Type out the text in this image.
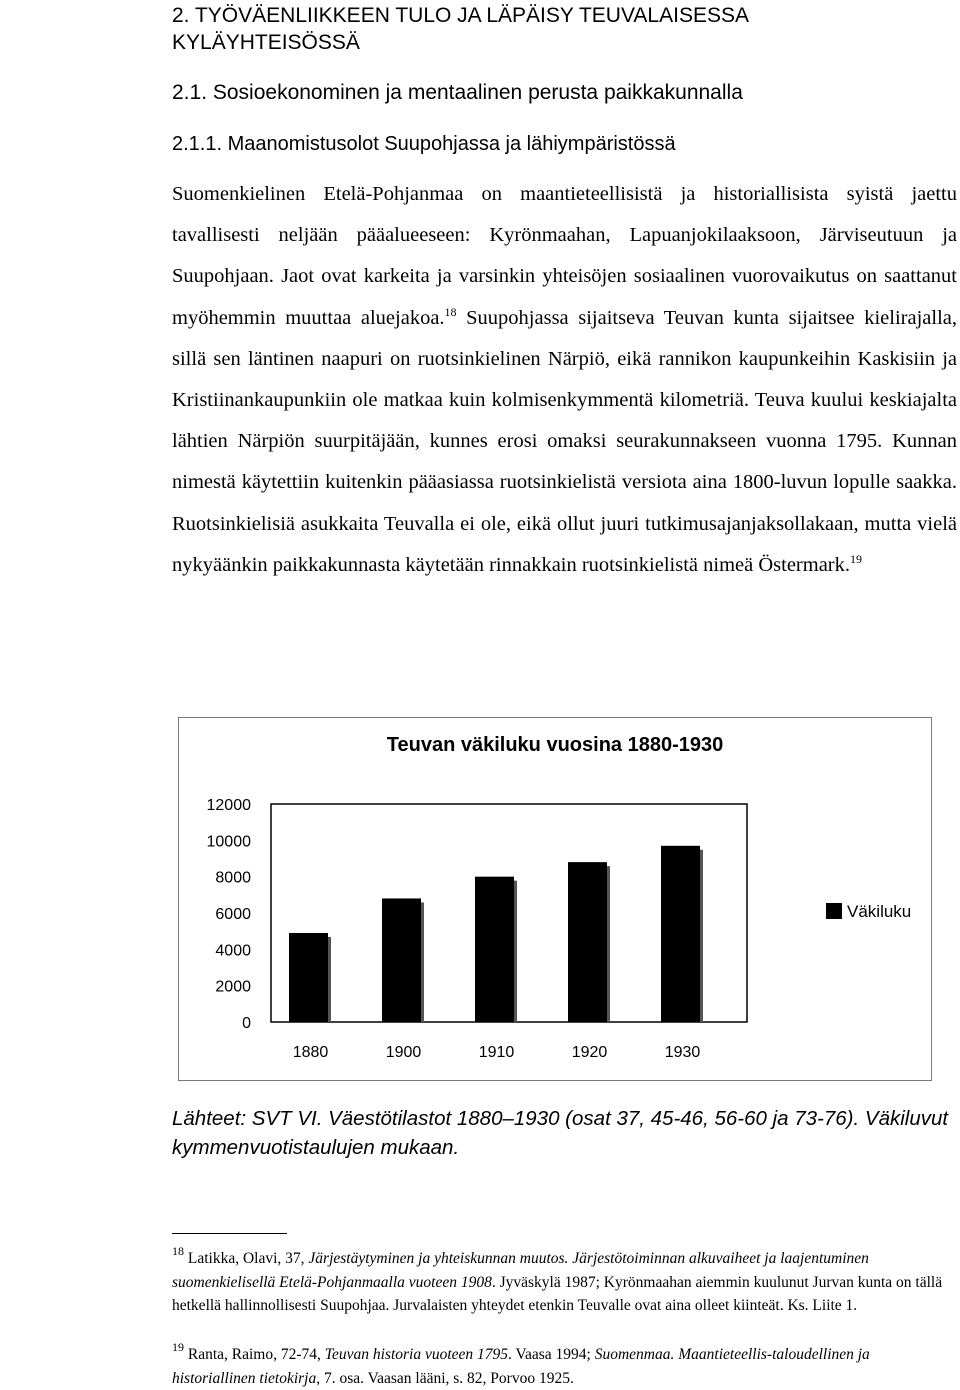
2. TYÖVÄENLIIKKEEN TULO JA LÄPÄISY TEUVALAISESSA KYLÄYHTEISÖSSÄ
2.1. Sosioekonominen ja mentaalinen perusta paikkakunnalla
2.1.1. Maanomistusolot Suupohjassa ja lähiympäristössä
Suomenkielinen Etelä-Pohjanmaa on maantieteellisistä ja historiallisista syistä jaettu tavallisesti neljään pääalueeseen: Kyrönmaahan, Lapuanjokilaaksoon, Järviseutuun ja Suupohjaan. Jaot ovat karkeita ja varsinkin yhteisöjen sosiaalinen vuorovaikutus on saattanut myöhemmin muuttaa aluejakoa.$^{18}$ Suupohjassa sijaitseva Teuvan kunta sijaitsee kielirajalla, sillä sen läntinen naapuri on ruotsinkielinen Närpiö, eikä rannikon kaupunkeihin Kaskisiin ja Kristiinankaupunkiin ole matkaa kuin kolmisenkymmentä kilometriä. Teuva kuului keskiajalta lähtien Närpiön suurpitäjään, kunnes erosi omaksi seurakunnakseen vuonna 1795. Kunnan nimestä käytettiin kuitenkin pääasiassa ruotsinkielistä versiota aina 1800-luvun lopulle saakka. Ruotsinkielisiä asukkaita Teuvalla ei ole, eikä ollut juuri tutkimusajanjaksollakaan, mutta vielä nykyäänkin paikkakunnasta käytetään rinnakkain ruotsinkielistä nimeä Östermark.$^{19}$
Teuvan väkiluku vuosina 1880-1930
12000
10000
8000
6000
4000
2000
0
1880	1900	1910	1920	1930
Väkiluku
Lähteet: SVT VI. Väestötilastot 1880–1930 (osat 37, 45-46, 56-60 ja 73-76). Väkiluvut kymmenvuotistaulujen mukaan.
$^{18}$ Latikka, Olavi, 37, Järjestäytyminen ja yhteiskunnan muutos. Järjestötoiminnan alkuvaiheet ja laajentuminen suomenkielisellä Etelä-Pohjanmaalla vuoteen 1908. Jyväskylä 1987; Kyrönmaahan aiemmin kuulunut Jurvan kunta on tällä hetkellä hallinnollisesti Suupohjaa. Jurvalaisten yhteydet etenkin Teuvalle ovat aina olleet kiinteät. Ks. Liite 1.
$^{19}$ Ranta, Raimo, 72-74, Teuvan historia vuoteen 1795. Vaasa 1994; Suomenmaa. Maantieteellis-taloudellinen ja historiallinen tietokirja, 7. osa. Vaasan lääni, s. 82, Porvoo 1925.
